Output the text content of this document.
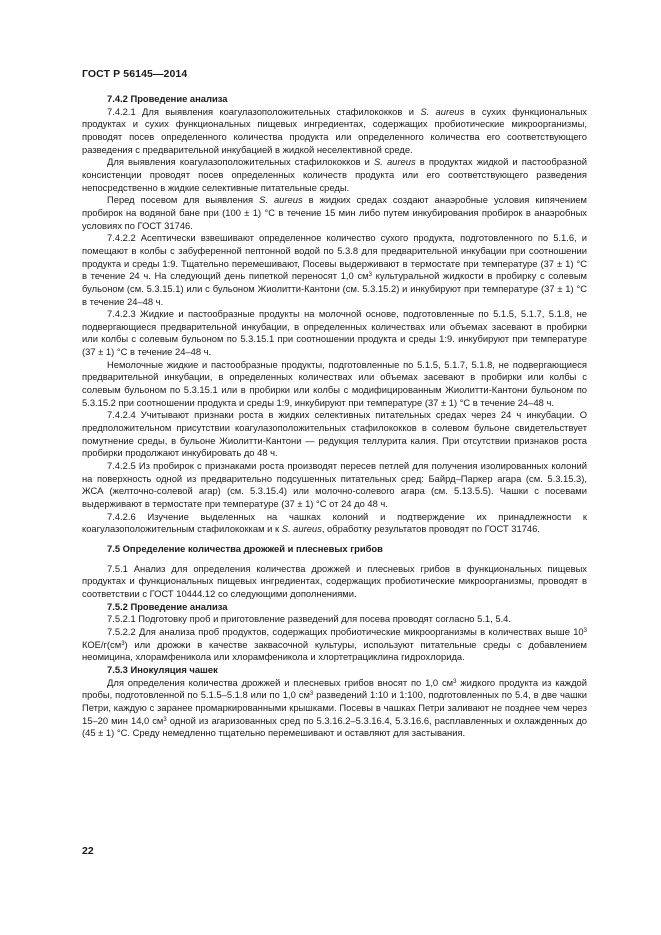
ГОСТ Р 56145—2014

7.4.2 Проведение анализа

7.4.2.1 Для выявления коагулазоположительных стафилококков и S. aureus в сухих функциональных продуктах и сухих функциональных пищевых ингредиентах, содержащих пробиотические микроорганизмы, проводят посев определенного количества продукта или определенного количества его соответствующего разведения с предварительной инкубацией в жидкой неселективной среде.

Для выявления коагулазоположительных стафилококков и S. aureus в продуктах жидкой и пастообразной консистенции проводят посев определенных количеств продукта или его соответствующего разведения непосредственно в жидкие селективные питательные среды.

Перед посевом для выявления S. aureus в жидких средах создают анаэробные условия кипячением пробирок на водяной бане при (100 ± 1) °С в течение 15 мин либо путем инкубирования пробирок в анаэробных условиях по ГОСТ 31746.

7.4.2.2 Асептически взвешивают определенное количество сухого продукта, подготовленного по 5.1.6, и помещают в колбы с забуференной пептонной водой по 5.3.8 для предварительной инкубации при соотношении продукта и среды 1:9. Тщательно перемешивают, Посевы выдерживают в термостате при температуре (37 ± 1) °С в течение 24 ч. На следующий день пипеткой переносят 1,0 $см^3$ культуральной жидкости в пробирку с солевым бульоном (см. 5.3.15.1) или с бульоном Жиолитти-Кантони (см. 5.3.15.2) и инкубируют при температуре (37 ± 1) °С в течение 24–48 ч.

7.4.2.3 Жидкие и пастообразные продукты на молочной основе, подготовленные по 5.1.5, 5.1.7, 5.1.8, не подвергающиеся предварительной инкубации, в определенных количествах или объемах засевают в пробирки или колбы с солевым бульоном по 5.3.15.1 при соотношении продукта и среды 1:9. инкубируют при температуре (37 ± 1) °С в течение 24–48 ч.

Немолочные жидкие и пастообразные продукты, подготовленные по 5.1.5, 5.1.7, 5.1.8, не подвергающиеся предварительной инкубации, в определенных количествах или объемах засевают в пробирки или колбы с солевым бульоном по 5.3.15.1 или в пробирки или колбы с модифицированным Жиолитти-Кантони бульоном по 5.3.15.2 при соотношении продукта и среды 1:9, инкубируют при температуре (37 ± 1) °С в течение 24–48 ч.

7.4.2.4 Учитывают признаки роста в жидких селективных питательных средах через 24 ч инкубации. О предположительном присутствии коагулазоположительных стафилококков в солевом бульоне свидетельствует помутнение среды, в бульоне Жиолитти-Кантони — редукция теллурита калия. При отсутствии признаков роста пробирки продолжают инкубировать до 48 ч.

7.4.2.5 Из пробирок с признаками роста производят пересев петлей для получения изолированных колоний на поверхность одной из предварительно подсушенных питательных сред: Байрд–Паркер агара (см. 5.3.15.3), ЖСА (желточно-солевой агар) (см. 5.3.15.4) или молочно-солевого агара (см. 5.13.5.5). Чашки с посевами выдерживают в термостате при температуре (37 ± 1) °С от 24 до 48 ч.

7.4.2.6 Изучение выделенных на чашках колоний и подтверждение их принадлежности к коагулазоположительным стафилококкам и к S. aureus, обработку результатов проводят по ГОСТ 31746.

7.5 Определение количества дрожжей и плесневых грибов

7.5.1 Анализ для определения количества дрожжей и плесневых грибов в функциональных пищевых продуктах и функциональных пищевых ингредиентах, содержащих пробиотические микроорганизмы, проводят в соответствии с ГОСТ 10444.12 со следующими дополнениями.

7.5.2 Проведение анализа

7.5.2.1 Подготовку проб и приготовление разведений для посева проводят согласно 5.1, 5.4.

7.5.2.2 Для анализа проб продуктов, содержащих пробиотические микроорганизмы в количествах выше $10^3$ КОЕ/$г(см^3)$ или дрожжи в качестве заквасочной культуры, используют питательные среды с добавлением неомицина, хлорамфеникола или хлорамфеникола и хлортетрациклина гидрохлорида.

7.5.3 Инокуляция чашек

Для определения количества дрожжей и плесневых грибов вносят по 1,0 $см^3$ жидкого продукта из каждой пробы, подготовленной по 5.1.5–5.1.8 или по 1,0 $см^3$ разведений 1:10 и 1:100, подготовленных по 5.4, в две чашки Петри, каждую с заранее промаркированными крышками. Посевы в чашках Петри заливают не позднее чем через 15–20 мин 14,0 $см^3$ одной из агаризованных сред по 5.3.16.2–5.3.16.4, 5.3.16.6, расплавленных и охлажденных до (45 ± 1) °С. Среду немедленно тщательно перемешивают и оставляют для застывания.

22
